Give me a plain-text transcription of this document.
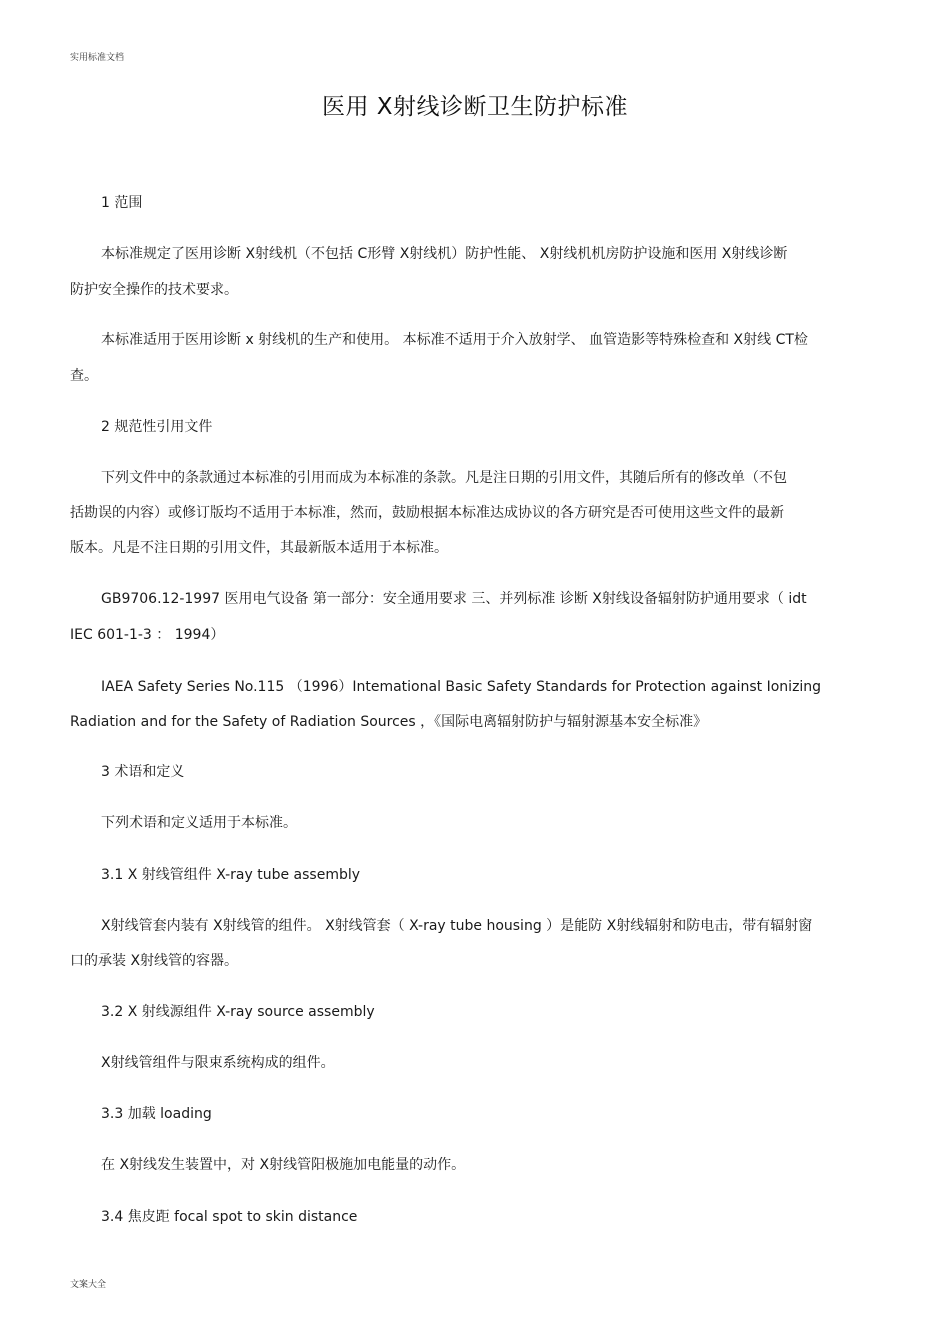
实用标准文档
医用 X射线诊断卫生防护标准
1 范围
本标准规定了医用诊断 X射线机（不包括 C形臂 X射线机）防护性能、 X射线机机房防护设施和医用 X射线诊断
防护安全操作的技术要求。
本标准适用于医用诊断 x 射线机的生产和使用。 本标准不适用于介入放射学、 血管造影等特殊检查和 X射线 CT检
查。
2 规范性引用文件
下列文件中的条款通过本标准的引用而成为本标准的条款。凡是注日期的引用文件，其随后所有的修改单（不包
括勘误的内容）或修订版均不适用于本标准，然而，鼓励根据本标准达成协议的各方研究是否可使用这些文件的最新
版本。凡是不注日期的引用文件，其最新版本适用于本标准。
GB9706.12-1997 医用电气设备 第一部分：安全通用要求 三、并列标准 诊断 X射线设备辐射防护通用要求（ idt
IEC 601-1-3 ： 1994）
IAEA Safety Series No.115 （1996）Intemational Basic Safety Standards for Protection against Ionizing
Radiation and for the Safety of Radiation Sources ，《国际电离辐射防护与辐射源基本安全标准》
3 术语和定义
下列术语和定义适用于本标准。
3.1 X 射线管组件 X-ray tube assembly
X射线管套内装有 X射线管的组件。 X射线管套（ X-ray tube housing ）是能防 X射线辐射和防电击，带有辐射窗
口的承装 X射线管的容器。
3.2 X 射线源组件 X-ray source assembly
X射线管组件与限束系统构成的组件。
3.3 加载 loading
在 X射线发生装置中，对 X射线管阳极施加电能量的动作。
3.4 焦皮距 focal spot to skin distance
文案大全
